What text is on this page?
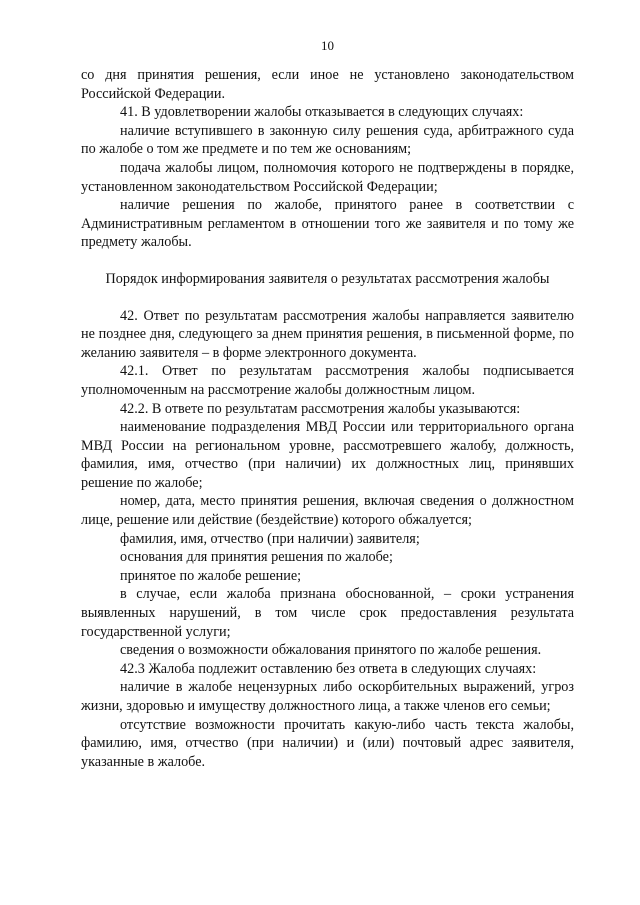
10

со дня принятия решения, если иное не установлено законодательством Российской Федерации.

41. В удовлетворении жалобы отказывается в следующих случаях:

наличие вступившего в законную силу решения суда, арбитражного суда по жалобе о том же предмете и по тем же основаниям;

подача жалобы лицом, полномочия которого не подтверждены в порядке, установленном законодательством Российской Федерации;

наличие решения по жалобе, принятого ранее в соответствии с Административным регламентом в отношении того же заявителя и по тому же предмету жалобы.

Порядок информирования заявителя о результатах рассмотрения жалобы

42. Ответ по результатам рассмотрения жалобы направляется заявителю не позднее дня, следующего за днем принятия решения, в письменной форме, по желанию заявителя – в форме электронного документа.

42.1. Ответ по результатам рассмотрения жалобы подписывается уполномоченным на рассмотрение жалобы должностным лицом.

42.2. В ответе по результатам рассмотрения жалобы указываются:

наименование подразделения МВД России или территориального органа МВД России на региональном уровне, рассмотревшего жалобу, должность, фамилия, имя, отчество (при наличии) их должностных лиц, принявших решение по жалобе;

номер, дата, место принятия решения, включая сведения о должностном лице, решение или действие (бездействие) которого обжалуется;

фамилия, имя, отчество (при наличии) заявителя;

основания для принятия решения по жалобе;

принятое по жалобе решение;

в случае, если жалоба признана обоснованной, – сроки устранения выявленных нарушений, в том числе срок предоставления результата государственной услуги;

сведения о возможности обжалования принятого по жалобе решения.

42.3 Жалоба подлежит оставлению без ответа в следующих случаях:

наличие в жалобе нецензурных либо оскорбительных выражений, угроз жизни, здоровью и имуществу должностного лица, а также членов его семьи;

отсутствие возможности прочитать какую-либо часть текста жалобы, фамилию, имя, отчество (при наличии) и (или) почтовый адрес заявителя, указанные в жалобе.
